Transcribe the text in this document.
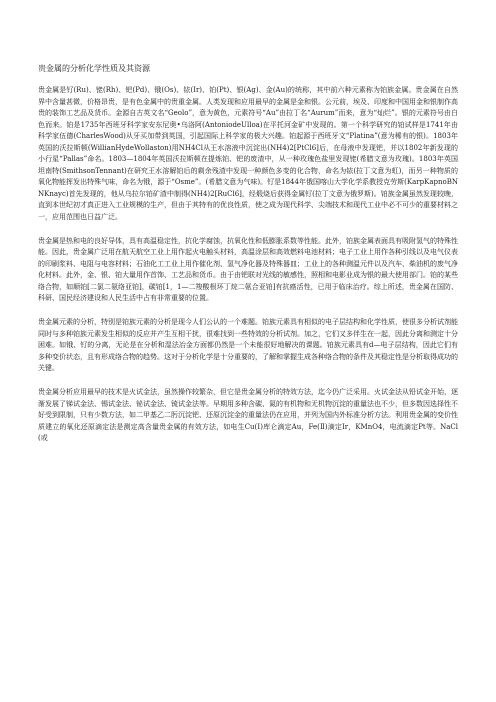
贵金属的分析化学性质及其资源

贵金属是钌(Ru)、铑(Rh)、钯(Pd)、锇(Os)、铱(Ir)、铂(Pt)、银(Ag)、金(Au)的统称，其中前六种元素称为铂族金属。贵金属在自然界中含量甚微，价格昂贵，是有色金属中的贵重金属。人类发现和应用最早的金属是金和银。公元前，埃及、印度和中国用金和银制作高贵的装饰工艺品及货币。金源自古英文名“Geolo”，意为黄色，元素符号“Au”由拉丁名“Aurum”而来，意为“灿烂”。银的元素符号由白色而来。铂是1735年西班牙科学家安东尼奥•乌洛阿(AntoniodeUlloa)在平托河金矿中发现的。第一个科学研究的铂试样是1741年由科学家伍德(CharlesWood)从牙买加带到英国，引起国际上科学家的极大兴趣。铂起源于西班牙文“Platina”(意为稀有的银)。1803年英国的沃拉斯顿(WillianHydeWollaston)用NH4Cl从王水溶液中沉淀出(NH4)2[PtCl6]后，在母液中发现钯，并以1802年新发现的小行星“Pallas”命名。1803—1804年英国沃拉斯顿在提炼铂、钯的废渣中，从一种玫瑰色盐里发现铑(希腊文意为玫瑰)。1803年英国坦南特(SmithsonTennant)在研究王水溶解铂后的剩余残渣中发现一种颜色多变的化合物，命名为铱(拉丁文意为虹)，而另一种物质的氧化物能挥发出特殊气味，命名为锇，源于“Osme”。(希腊文意为气味)。钌是1844年俄国喀山大学化学系教授克劳斯(KarpKapnoBNNKnayc)首先发现的，他从乌拉尔铂矿渣中制得(NH4)2[RuCl6]，经煅烧后获得金属钌(拉丁文意为俄罗斯)。铂族金属虽然发现较晚，直到本世纪初才真正进入工业规模的生产，但由于其特有的优良性质，使之成为现代科学、尖端技术和现代工业中必不可少的重要材料之一，应用范围也日益广泛。

贵金属是热和电的良好导体，具有高温稳定性，抗化学腐蚀，抗氧化性和低膨胀系数等性能。此外，铂族金属表面具有吸附氢气的特殊性能。因此，贵金属广泛用在航天航空工业上用作起火电触头材料，高温涂层和高效燃料电池材料；电子工业上用作各种引线以及电气仪表的印刷浆料、电阻与电容材料；石油化工工业上用作催化剂、氢气净化器及特殊器皿；工业上的各种测温元件以及汽车、柴油机的废气净化材料。此外，金、银、铂大量用作首饰、工艺品和货币。由于由钯联对光线的敏感性，照相和电影业成为银的最大使用部门。铂的某些络合物，如顺铂[二氯二氨络亚铂]，碳铂[1，1—二羧酸根环丁烷二氨合亚铂]有抗癌活性，已用于临床治疗。综上所述，贵金属在国防、科研、国民经济建设和人民生活中占有非常重要的位置。

贵金属元素的分析，特别是铂族元素的分析是现今人们公认的一个难题。铂族元素具有相似的电子层结构和化学性质，使很多分析试剂能同时与多种铂族元素发生相似的反应并产生互相干扰，很难找到一些特效的分析试剂。加之，它们又多伴生在一起，因此分离和测定十分困难。如锇、钌的分离，无论是在分析和湿法冶金方面都仍然是一个未能很好地解决的课题。铂族元素具有d—电子层结构，因此它们有多种变价状态，且有形成络合物的趋势。这对于分析化学是十分重要的，了解和掌握生成各种络合物的条件及其稳定性是分析取得成功的关键。

贵金属分析应用最早的技术是火试金法，虽然操作较繁杂，但它是贵金属分析的特效方法，迄今仍广泛采用。火试金法从铅试金开始，逐渐发展了锑试金法、锡试金法、铋试金法、锍试金法等。早期用多种含碳、氮的有机物和无机物沉淀的重量法也不少，但多数因选择性不好受到限制，只有少数方法，如二甲基乙二肟沉淀钯、还原沉淀金的重量法仍在应用，并列为国内外标准分析方法。利用贵金属的变价性质建立的氧化还原滴定法是测定高含量贵金属的有效方法，如电生Cu(Ⅰ)库仑滴定Au，Fe(Ⅱ)滴定Ir，KMnO4，电流滴定Pt等。NaCl(或
